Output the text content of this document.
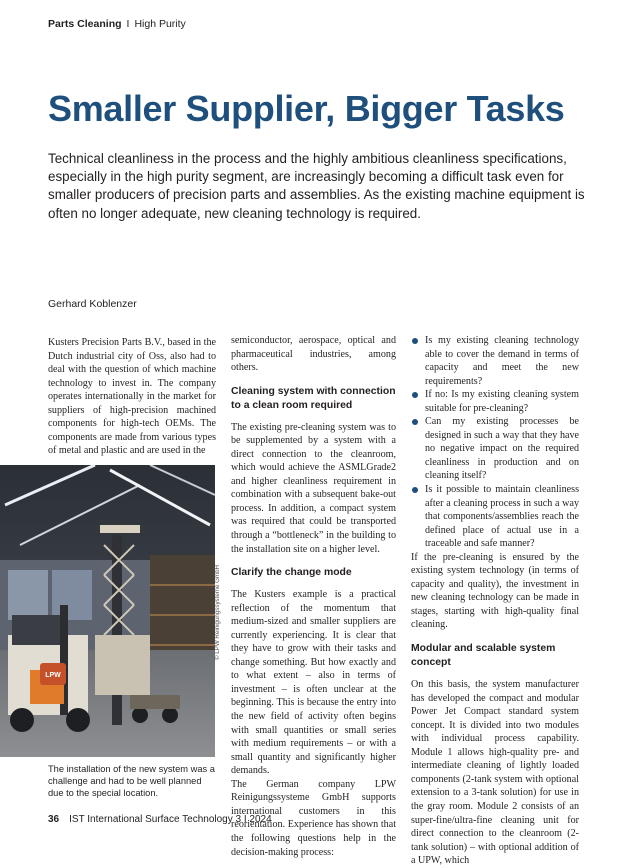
Parts Cleaning I High Purity
Smaller Supplier, Bigger Tasks

Technical cleanliness in the process and the highly ambitious cleanliness specifications, especially in the high purity segment, are increasingly becoming a difficult task even for smaller producers of precision parts and assemblies. As the existing machine equipment is often no longer adequate, new cleaning technology is required.

Gerhard Koblenzer

Kusters Precision Parts B.V., based in the Dutch industrial city of Oss, also had to deal with the question of which machine technology to invest in. The company operates internationally in the market for suppliers of high-precision machined components for high-tech OEMs. The components are made from various types of metal and plastic and are used in the

LPW
© LPW Reinigungssysteme GmbH

The installation of the new system was a challenge and had to be well planned due to the special location.

semiconductor, aerospace, optical and pharmaceutical industries, among others.

Cleaning system with connection to a clean room required

The existing pre-cleaning system was to be supplemented by a system with a direct connection to the cleanroom, which would achieve the ASMLGrade2 and higher cleanliness requirement in combination with a subsequent bake-out process. In addition, a compact system was required that could be transported through a “bottleneck” in the building to the installation site on a higher level.

Clarify the change mode

The Kusters example is a practical reflection of the momentum that medium-sized and smaller suppliers are currently experiencing. It is clear that they have to grow with their tasks and change something. But how exactly and to what extent – also in terms of investment – is often unclear at the beginning. This is because the entry into the new field of activity often begins with small quantities or small series with medium requirements – or with a small quantity and significantly higher demands.

The German company LPW Reinigungssysteme GmbH supports international customers in this reorientation. Experience has shown that the following questions help in the decision-making process:

Is my existing cleaning technology able to cover the demand in terms of capacity and meet the new requirements?
If no: Is my existing cleaning system suitable for pre-cleaning?
Can my existing processes be designed in such a way that they have no negative impact on the required cleanliness in production and on cleaning itself?
Is it possible to maintain cleanliness after a cleaning process in such a way that components/assemblies reach the defined place of actual use in a traceable and safe manner?

If the pre-cleaning is ensured by the existing system technology (in terms of capacity and quality), the investment in new cleaning technology can be made in stages, starting with high-quality final cleaning.

Modular and scalable system concept

On this basis, the system manufacturer has developed the compact and modular Power Jet Compact standard system concept. It is divided into two modules with individual process capability. Module 1 allows high-quality pre- and intermediate cleaning of lightly loaded components (2-tank system with optional extension to a 3-tank solution) for use in the gray room. Module 2 consists of an super-fine/ultra-fine cleaning unit for direct connection to the cleanroom (2-tank solution) – with optional addition of a UPW, which

36 IST International Surface Technology 3 I 2024
